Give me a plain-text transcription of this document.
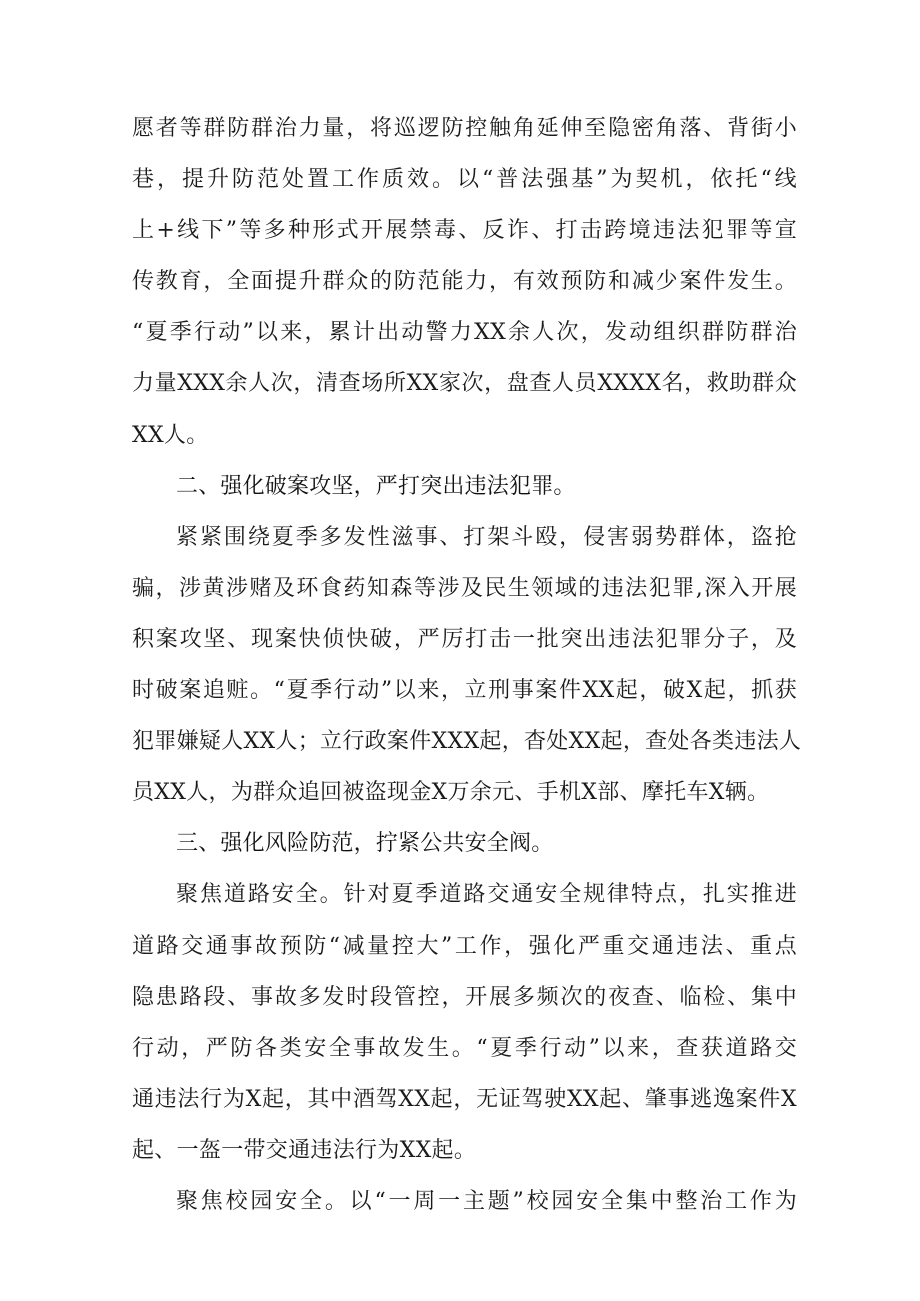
愿者等群防群治力量，将巡逻防控触角延伸至隐密角落、背街小
巷，提升防范处置工作质效。以“普法强基”为契机，依托“线
上+线下”等多种形式开展禁毒、反诈、打击跨境违法犯罪等宣
传教育，全面提升群众的防范能力，有效预防和减少案件发生。
“夏季行动”以来，累计出动警力XX余人次，发动组织群防群治
力量XXX余人次，清查场所XX家次，盘查人员XXXX名，救助群众
XX人。
二、强化破案攻坚，严打突出违法犯罪。
紧紧围绕夏季多发性滋事、打架斗殴，侵害弱势群体，盗抢
骗，涉黄涉赌及环食药知森等涉及民生领域的违法犯罪,深入开展
积案攻坚、现案快侦快破，严厉打击一批突出违法犯罪分子，及
时破案追赃。“夏季行动”以来，立刑事案件XX起，破X起，抓获
犯罪嫌疑人XX人；立行政案件XXX起，杳处XX起，查处各类违法人
员XX人，为群众追回被盗现金X万余元、手机X部、摩托车X辆。
三、强化风险防范，拧紧公共安全阀。
聚焦道路安全。针对夏季道路交通安全规律特点，扎实推进
道路交通事故预防“减量控大”工作，强化严重交通违法、重点
隐患路段、事故多发时段管控，开展多频次的夜查、临检、集中
行动，严防各类安全事故发生。“夏季行动”以来，查获道路交
通违法行为X起，其中酒驾XX起，无证驾驶XX起、肇事逃逸案件X
起、一盔一带交通违法行为XX起。
聚焦校园安全。以“一周一主题”校园安全集中整治工作为
